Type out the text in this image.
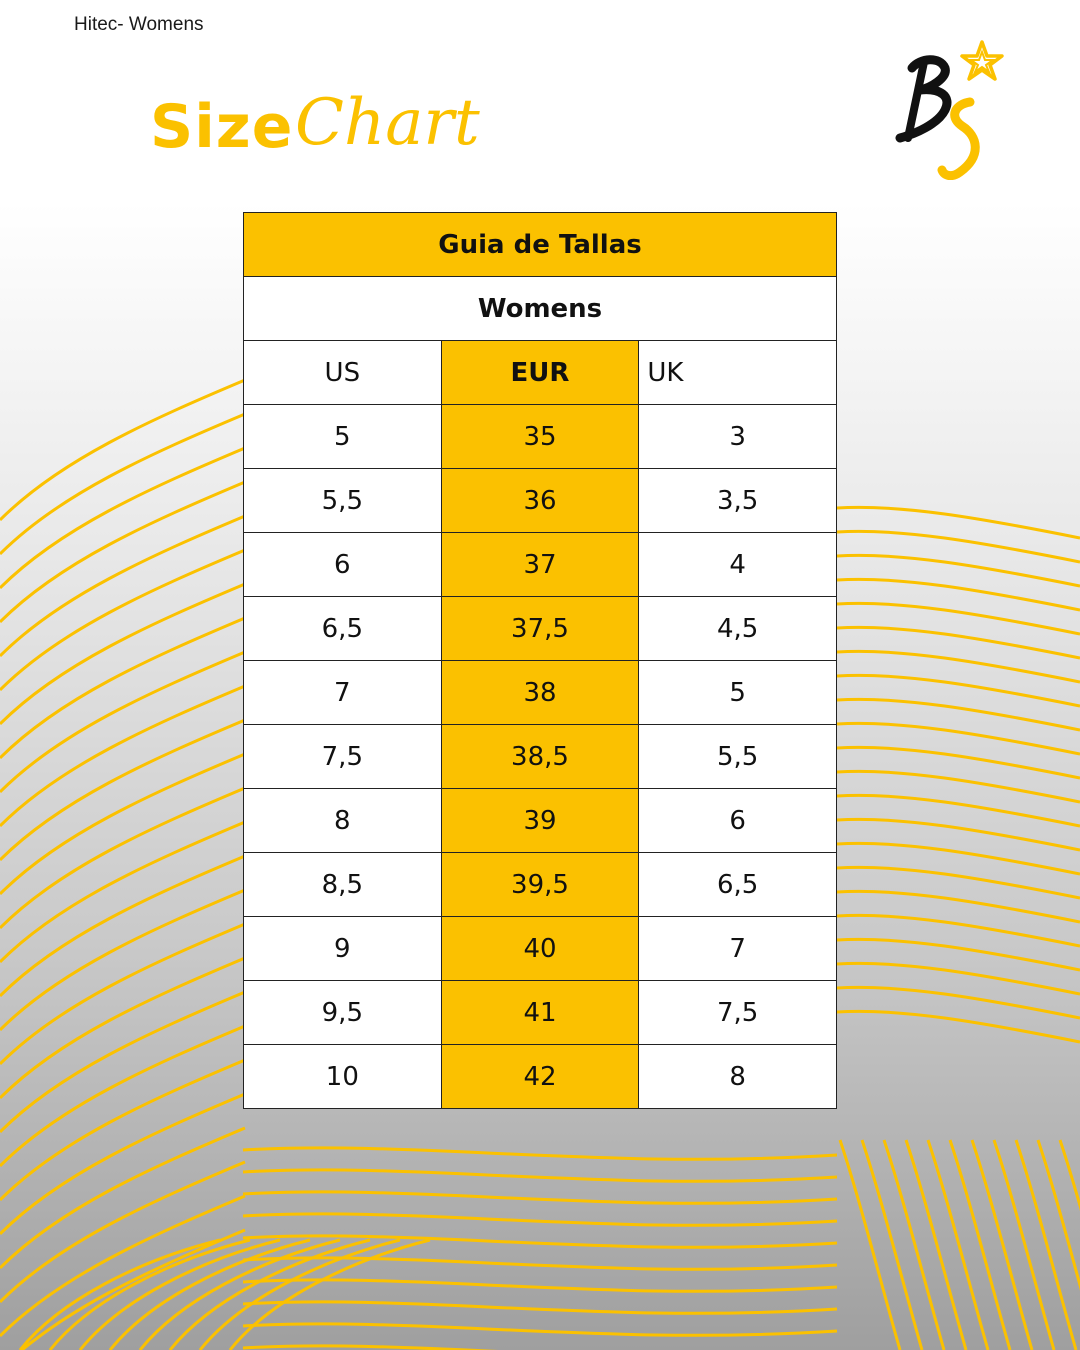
Hitec- Womens
Size Chart
Guia de Tallas		
Womens		
US	EUR	UK
5	35	3
5,5	36	3,5
6	37	4
6,5	37,5	4,5
7	38	5
7,5	38,5	5,5
8	39	6
8,5	39,5	6,5
9	40	7
9,5	41	7,5
10	42	8
